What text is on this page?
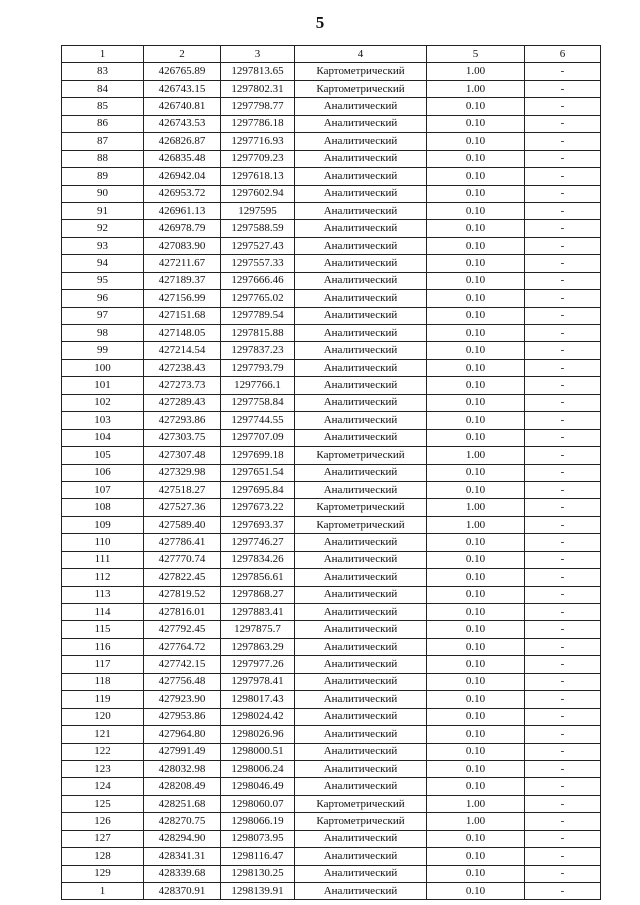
5
1	2	3	4	5	6
83	426765.89	1297813.65	Картометрический	1.00	-
84	426743.15	1297802.31	Картометрический	1.00	-
85	426740.81	1297798.77	Аналитический	0.10	-
86	426743.53	1297786.18	Аналитический	0.10	-
87	426826.87	1297716.93	Аналитический	0.10	-
88	426835.48	1297709.23	Аналитический	0.10	-
89	426942.04	1297618.13	Аналитический	0.10	-
90	426953.72	1297602.94	Аналитический	0.10	-
91	426961.13	1297595	Аналитический	0.10	-
92	426978.79	1297588.59	Аналитический	0.10	-
93	427083.90	1297527.43	Аналитический	0.10	-
94	427211.67	1297557.33	Аналитический	0.10	-
95	427189.37	1297666.46	Аналитический	0.10	-
96	427156.99	1297765.02	Аналитический	0.10	-
97	427151.68	1297789.54	Аналитический	0.10	-
98	427148.05	1297815.88	Аналитический	0.10	-
99	427214.54	1297837.23	Аналитический	0.10	-
100	427238.43	1297793.79	Аналитический	0.10	-
101	427273.73	1297766.1	Аналитический	0.10	-
102	427289.43	1297758.84	Аналитический	0.10	-
103	427293.86	1297744.55	Аналитический	0.10	-
104	427303.75	1297707.09	Аналитический	0.10	-
105	427307.48	1297699.18	Картометрический	1.00	-
106	427329.98	1297651.54	Аналитический	0.10	-
107	427518.27	1297695.84	Аналитический	0.10	-
108	427527.36	1297673.22	Картометрический	1.00	-
109	427589.40	1297693.37	Картометрический	1.00	-
110	427786.41	1297746.27	Аналитический	0.10	-
111	427770.74	1297834.26	Аналитический	0.10	-
112	427822.45	1297856.61	Аналитический	0.10	-
113	427819.52	1297868.27	Аналитический	0.10	-
114	427816.01	1297883.41	Аналитический	0.10	-
115	427792.45	1297875.7	Аналитический	0.10	-
116	427764.72	1297863.29	Аналитический	0.10	-
117	427742.15	1297977.26	Аналитический	0.10	-
118	427756.48	1297978.41	Аналитический	0.10	-
119	427923.90	1298017.43	Аналитический	0.10	-
120	427953.86	1298024.42	Аналитический	0.10	-
121	427964.80	1298026.96	Аналитический	0.10	-
122	427991.49	1298000.51	Аналитический	0.10	-
123	428032.98	1298006.24	Аналитический	0.10	-
124	428208.49	1298046.49	Аналитический	0.10	-
125	428251.68	1298060.07	Картометрический	1.00	-
126	428270.75	1298066.19	Картометрический	1.00	-
127	428294.90	1298073.95	Аналитический	0.10	-
128	428341.31	1298116.47	Аналитический	0.10	-
129	428339.68	1298130.25	Аналитический	0.10	-
1	428370.91	1298139.91	Аналитический	0.10	-
